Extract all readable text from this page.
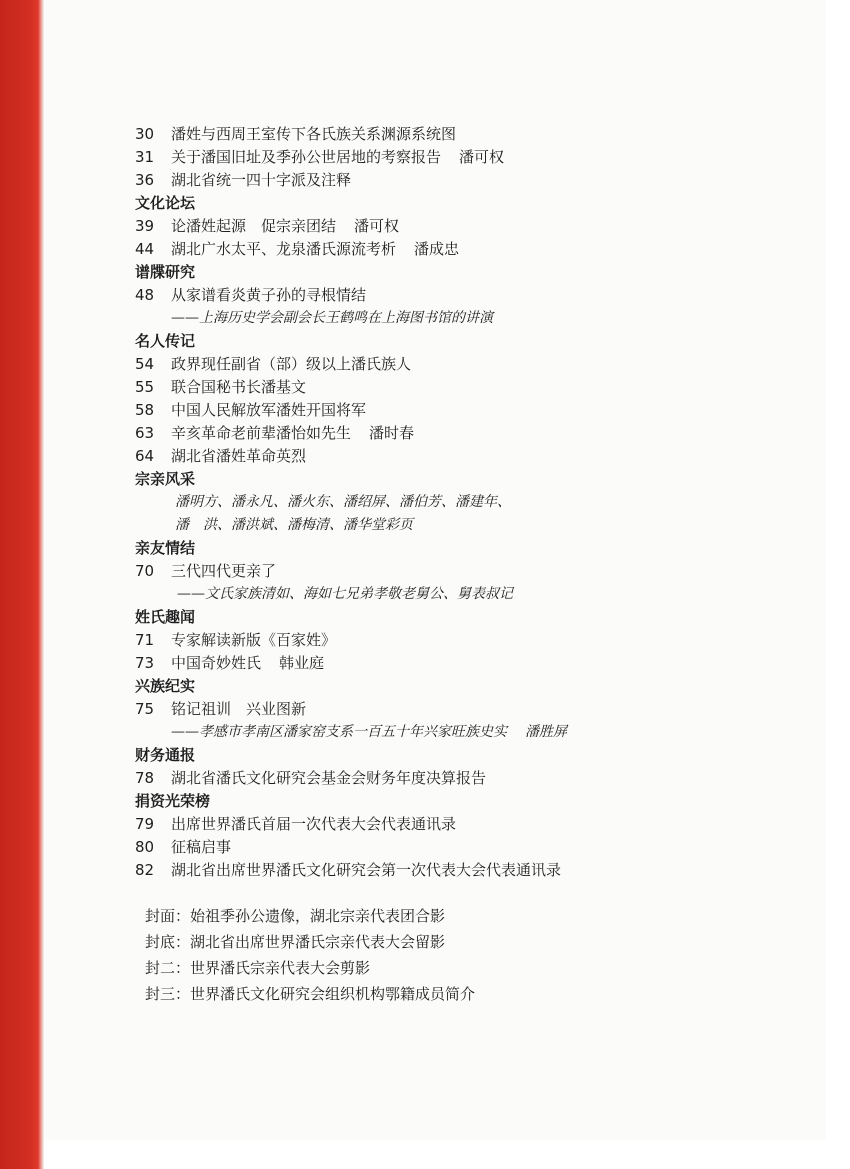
30 潘姓与西周王室传下各氏族关系渊源系统图
31 关于潘国旧址及季孙公世居地的考察报告 潘可权
36 湖北省统一四十字派及注释
文化论坛
39 论潘姓起源　促宗亲团结 潘可权
44 湖北广水太平、龙泉潘氏源流考析 潘成忠
谱牒研究
48 从家谱看炎黄子孙的寻根情结
——上海历史学会副会长王鹤鸣在上海图书馆的讲演
名人传记
54 政界现任副省（部）级以上潘氏族人
55 联合国秘书长潘基文
58 中国人民解放军潘姓开国将军
63 辛亥革命老前辈潘怡如先生 潘时春
64 湖北省潘姓革命英烈
宗亲风采
潘明方、潘永凡、潘火东、潘绍屏、潘伯芳、潘建年、
潘　洪、潘洪斌、潘梅清、潘华堂彩页
亲友情结
70 三代四代更亲了
——文氏家族清如、海如七兄弟孝敬老舅公、舅表叔记
姓氏趣闻
71 专家解读新版《百家姓》
73 中国奇妙姓氏 韩业庭
兴族纪实
75 铭记祖训　兴业图新
——孝感市孝南区潘家窑支系一百五十年兴家旺族史实 潘胜屏
财务通报
78 湖北省潘氏文化研究会基金会财务年度决算报告
捐资光荣榜
79 出席世界潘氏首届一次代表大会代表通讯录
80 征稿启事
82 湖北省出席世界潘氏文化研究会第一次代表大会代表通讯录
封面：始祖季孙公遗像，湖北宗亲代表团合影
封底：湖北省出席世界潘氏宗亲代表大会留影
封二：世界潘氏宗亲代表大会剪影
封三：世界潘氏文化研究会组织机构鄂籍成员简介
